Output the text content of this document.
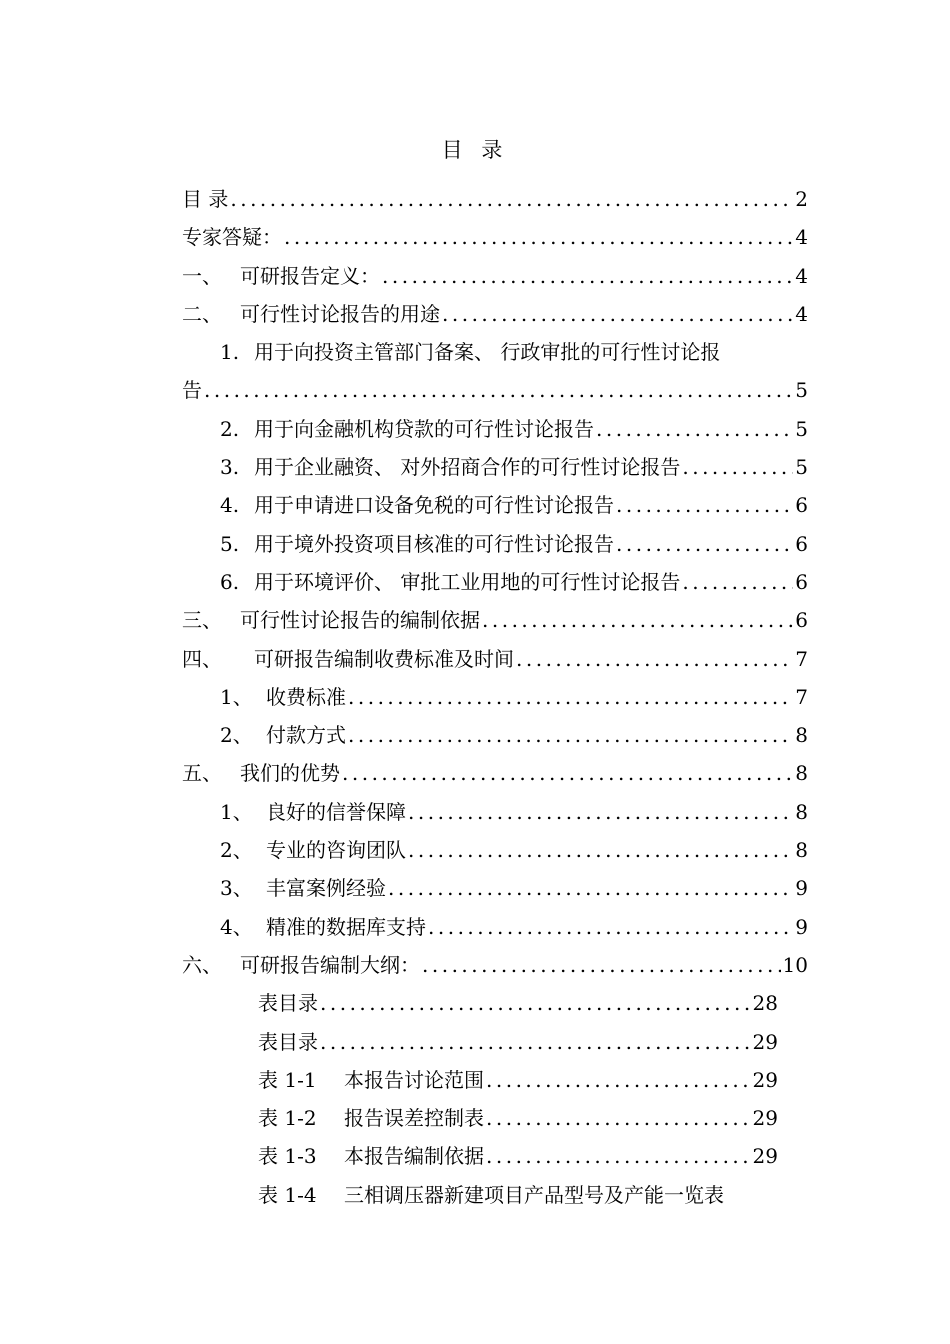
目 录
目 录 .....	2
专家答疑： .....	4
一、 可研报告定义： .....	4
二、 可行性讨论报告的用途 .....	4
1. 用于向投资主管部门备案、 行政审批的可行性讨论报
告 .....	5
2. 用于向金融机构贷款的可行性讨论报告 .....	5
3. 用于企业融资、 对外招商合作的可行性讨论报告 .....	5
4. 用于申请进口设备免税的可行性讨论报告 .....	6
5. 用于境外投资项目核准的可行性讨论报告 .....	6
6. 用于环境评价、 审批工业用地的可行性讨论报告 .....	6
三、 可行性讨论报告的编制依据 .....	6
四、	可研报告编制收费标准及时间 .....	7
1、 收费标准 .....	7
2、 付款方式 .....	8
五、 我们的优势 .....	8
1、 良好的信誉保障 .....	8
2、 专业的咨询团队 .....	8
3、 丰富案例经验 .....	9
4、 精准的数据库支持 .....	9
六、 可研报告编制大纲： .....	10
表目录 .....	28
表目录 .....	29
表 1-1	本报告讨论范围 .....	29
表 1-2	报告误差控制表 .....	29
表 1-3	本报告编制依据 .....	29
表 1-4	三相调压器新建项目产品型号及产能一览表
